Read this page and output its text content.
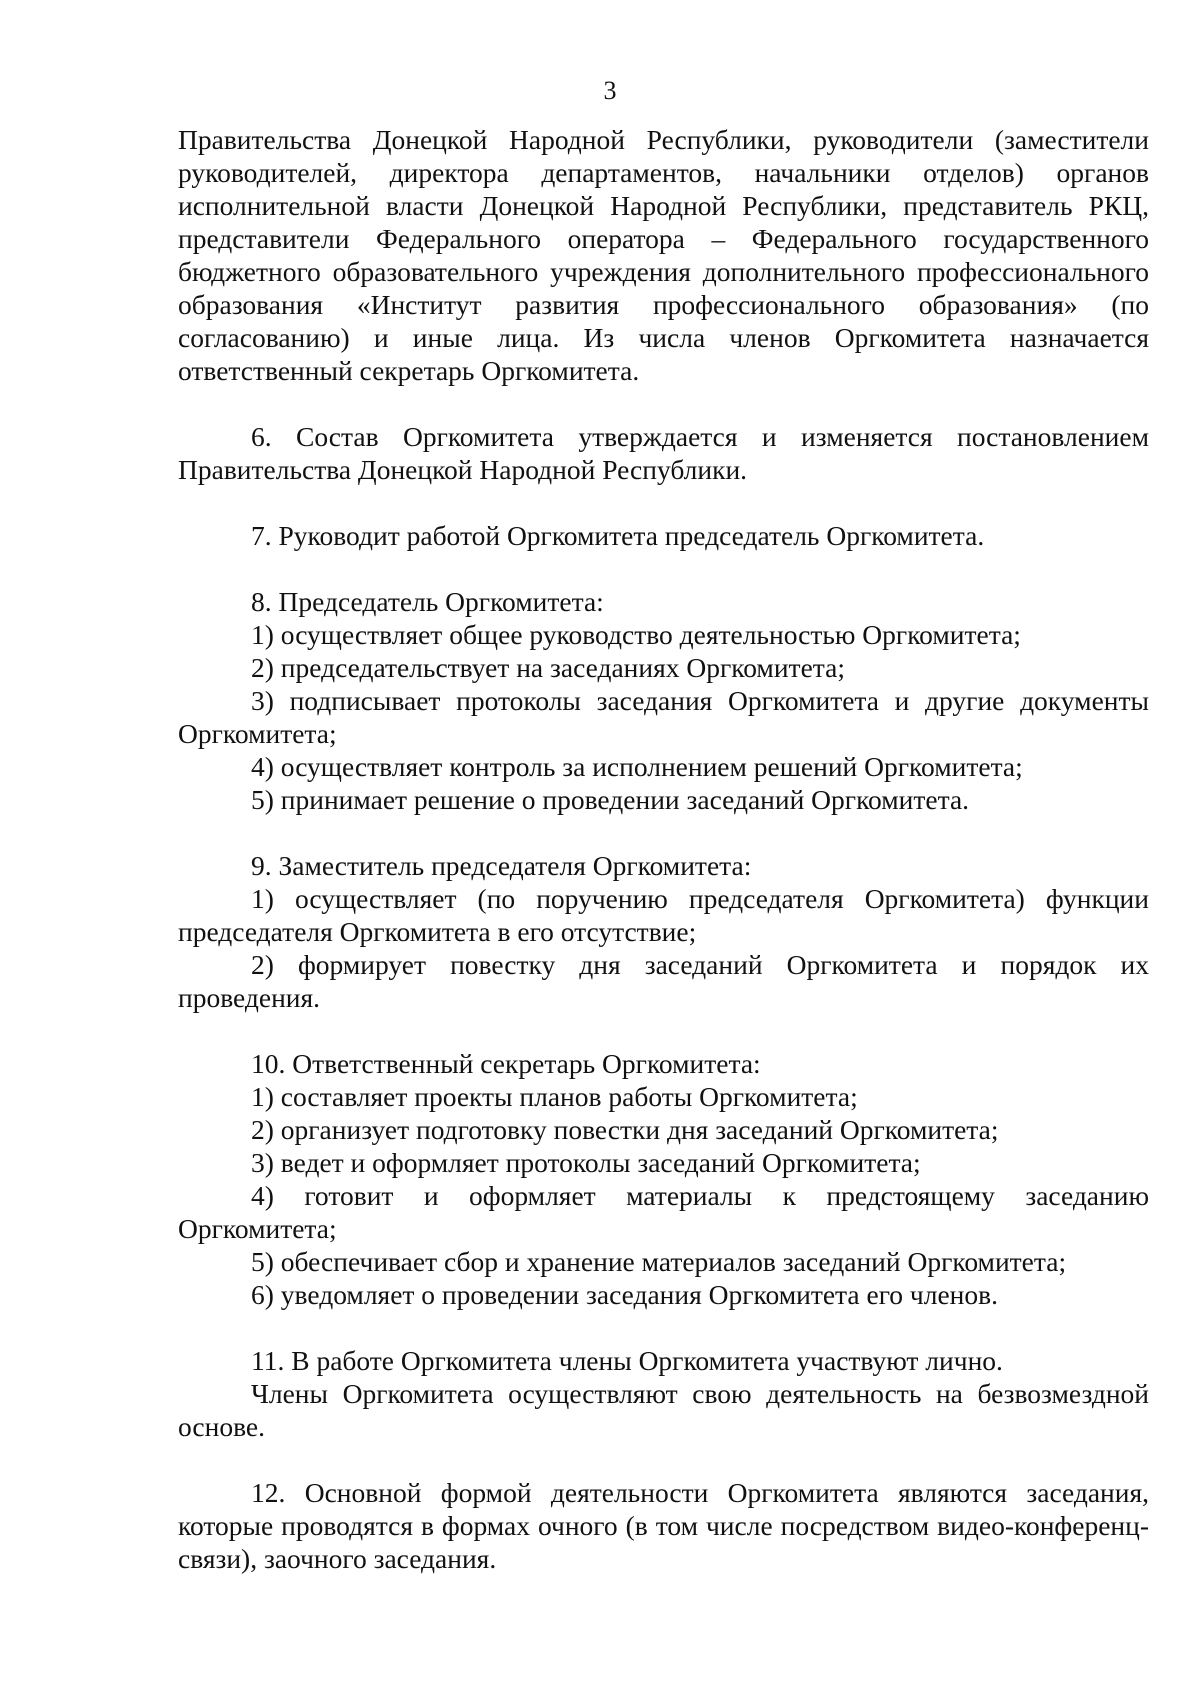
3

Правительства Донецкой Народной Республики, руководители (заместители руководителей, директора департаментов, начальники отделов) органов исполнительной власти Донецкой Народной Республики, представитель РКЦ, представители Федерального оператора – Федерального государственного бюджетного образовательного учреждения дополнительного профессионального образования «Институт развития профессионального образования» (по согласованию) и иные лица. Из числа членов Оргкомитета назначается ответственный секретарь Оргкомитета.

6. Состав Оргкомитета утверждается и изменяется постановлением Правительства Донецкой Народной Республики.

7. Руководит работой Оргкомитета председатель Оргкомитета.

8. Председатель Оргкомитета:

1) осуществляет общее руководство деятельностью Оргкомитета;

2) председательствует на заседаниях Оргкомитета;

3) подписывает протоколы заседания Оргкомитета и другие документы Оргкомитета;

4) осуществляет контроль за исполнением решений Оргкомитета;

5) принимает решение о проведении заседаний Оргкомитета.

9. Заместитель председателя Оргкомитета:

1) осуществляет (по поручению председателя Оргкомитета) функции председателя Оргкомитета в его отсутствие;

2) формирует повестку дня заседаний Оргкомитета и порядок их проведения.

10. Ответственный секретарь Оргкомитета:

1) составляет проекты планов работы Оргкомитета;

2) организует подготовку повестки дня заседаний Оргкомитета;

3) ведет и оформляет протоколы заседаний Оргкомитета;

4) готовит и оформляет материалы к предстоящему заседанию Оргкомитета;

5) обеспечивает сбор и хранение материалов заседаний Оргкомитета;

6) уведомляет о проведении заседания Оргкомитета его членов.

11. В работе Оргкомитета члены Оргкомитета участвуют лично.

Члены Оргкомитета осуществляют свою деятельность на безвозмездной основе.

12. Основной формой деятельности Оргкомитета являются заседания, которые проводятся в формах очного (в том числе посредством видео-конференц-связи), заочного заседания.
